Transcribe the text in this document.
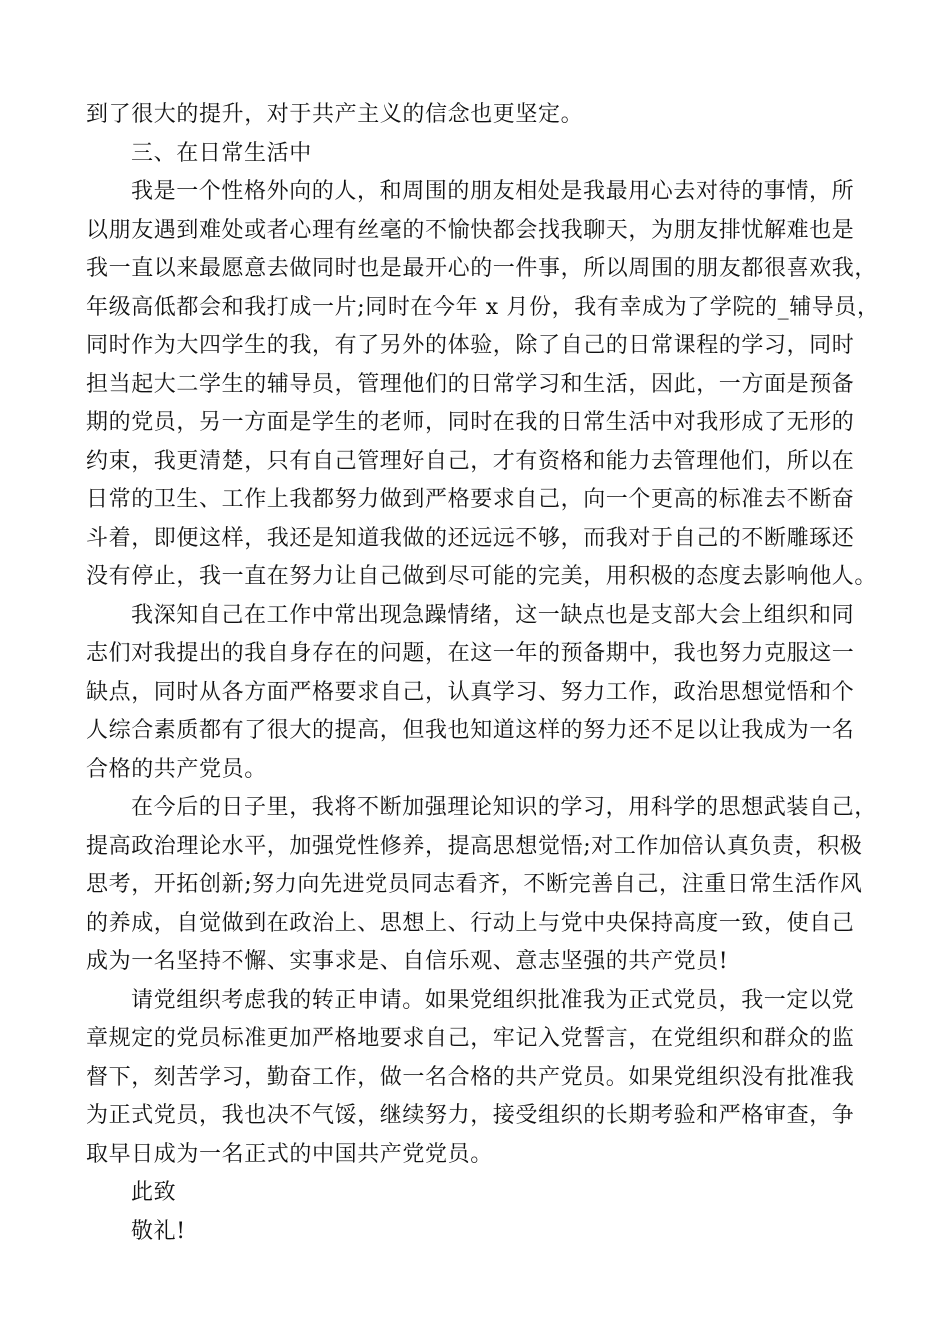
到了很大的提升，对于共产主义的信念也更坚定。
三、在日常生活中
我是一个性格外向的人，和周围的朋友相处是我最用心去对待的事情，所
以朋友遇到难处或者心理有丝毫的不愉快都会找我聊天，为朋友排忧解难也是
我一直以来最愿意去做同时也是最开心的一件事，所以周围的朋友都很喜欢我，
年级高低都会和我打成一片;同时在今年 x 月份，我有幸成为了学院的_辅导员，
同时作为大四学生的我，有了另外的体验，除了自己的日常课程的学习，同时
担当起大二学生的辅导员，管理他们的日常学习和生活，因此，一方面是预备
期的党员，另一方面是学生的老师，同时在我的日常生活中对我形成了无形的
约束，我更清楚，只有自己管理好自己，才有资格和能力去管理他们，所以在
日常的卫生、工作上我都努力做到严格要求自己，向一个更高的标准去不断奋
斗着，即便这样，我还是知道我做的还远远不够，而我对于自己的不断雕琢还
没有停止，我一直在努力让自己做到尽可能的完美，用积极的态度去影响他人。
我深知自己在工作中常出现急躁情绪，这一缺点也是支部大会上组织和同
志们对我提出的我自身存在的问题，在这一年的预备期中，我也努力克服这一
缺点，同时从各方面严格要求自己，认真学习、努力工作，政治思想觉悟和个
人综合素质都有了很大的提高，但我也知道这样的努力还不足以让我成为一名
合格的共产党员。
在今后的日子里，我将不断加强理论知识的学习，用科学的思想武装自己，
提高政治理论水平，加强党性修养，提高思想觉悟;对工作加倍认真负责，积极
思考，开拓创新;努力向先进党员同志看齐，不断完善自己，注重日常生活作风
的养成，自觉做到在政治上、思想上、行动上与党中央保持高度一致，使自己
成为一名坚持不懈、实事求是、自信乐观、意志坚强的共产党员!
请党组织考虑我的转正申请。如果党组织批准我为正式党员，我一定以党
章规定的党员标准更加严格地要求自己，牢记入党誓言，在党组织和群众的监
督下，刻苦学习，勤奋工作，做一名合格的共产党员。如果党组织没有批准我
为正式党员，我也决不气馁，继续努力，接受组织的长期考验和严格审查，争
取早日成为一名正式的中国共产党党员。
此致
敬礼!
